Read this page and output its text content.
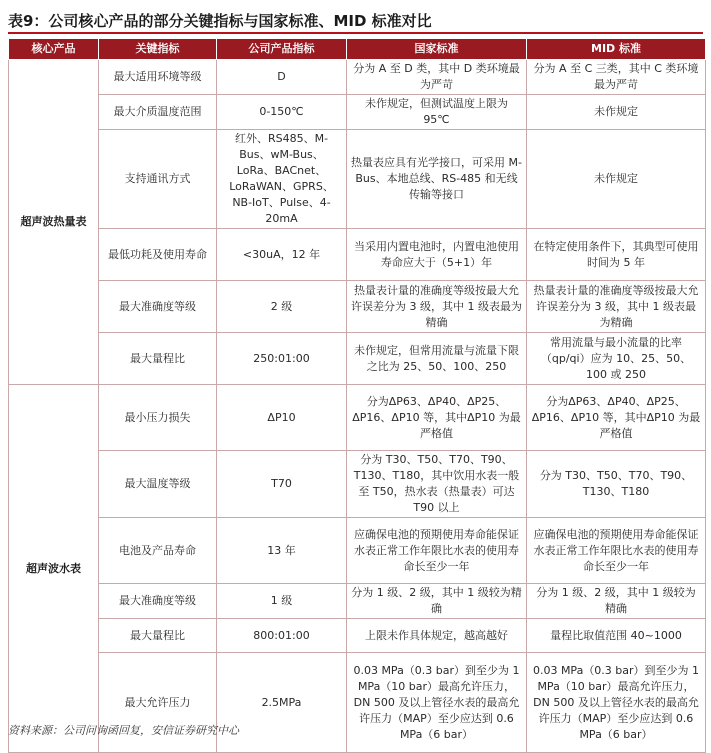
表9：公司核心产品的部分关键指标与国家标准、MID 标准对比
核心产品	关键指标	公司产品指标	国家标准	MID 标准
超声波热量表	最大适用环境等级	D	分为 A 至 D 类，其中 D 类环境最为严苛	分为 A 至 C 三类，其中 C 类环境最为严苛
	最大介质温度范围	0-150℃	未作规定，但测试温度上限为 95℃	未作规定
	支持通讯方式	红外、RS485、M-Bus、wM-Bus、LoRa、BACnet、LoRaWAN、GPRS、NB-IoT、Pulse、4-20mA	热量表应具有光学接口，可采用 M-Bus、本地总线、RS-485 和无线传输等接口	未作规定
	最低功耗及使用寿命	<30uA，12 年	当采用内置电池时，内置电池使用寿命应大于（5+1）年	在特定使用条件下，其典型可使用时间为 5 年
	最大准确度等级	2 级	热量表计量的准确度等级按最大允许误差分为 3 级，其中 1 级表最为精确	热量表计量的准确度等级按最大允许误差分为 3 级，其中 1 级表最为精确
	最大量程比	250:01:00	未作规定，但常用流量与流量下限之比为 25、50、100、250	常用流量与最小流量的比率（qp/qi）应为 10、25、50、100 或 250
超声波水表	最小压力损失	ΔP10	分为ΔP63、ΔP40、ΔP25、ΔP16、ΔP10 等，其中ΔP10 为最严格值	分为ΔP63、ΔP40、ΔP25、ΔP16、ΔP10 等，其中ΔP10 为最严格值
	最大温度等级	T70	分为 T30、T50、T70、T90、T130、T180，其中饮用水表一般至 T50，热水表（热量表）可达 T90 以上	分为 T30、T50、T70、T90、T130、T180
	电池及产品寿命	13 年	应确保电池的预期使用寿命能保证水表正常工作年限比水表的使用寿命长至少一年	应确保电池的预期使用寿命能保证水表正常工作年限比水表的使用寿命长至少一年
	最大准确度等级	1 级	分为 1 级、2 级，其中 1 级较为精确	分为 1 级、2 级，其中 1 级较为精确
	最大量程比	800:01:00	上限未作具体规定，越高越好	量程比取值范围 40~1000
	最大允许压力	2.5MPa	0.03 MPa（0.3 bar）到至少为 1 MPa（10 bar）最高允许压力，DN 500 及以上管径水表的最高允许压力（MAP）至少应达到 0.6 MPa（6 bar）	0.03 MPa（0.3 bar）到至少为 1 MPa（10 bar）最高允许压力，DN 500 及以上管径水表的最高允许压力（MAP）至少应达到 0.6 MPa（6 bar）
资料来源：公司问询函回复，安信证券研究中心
